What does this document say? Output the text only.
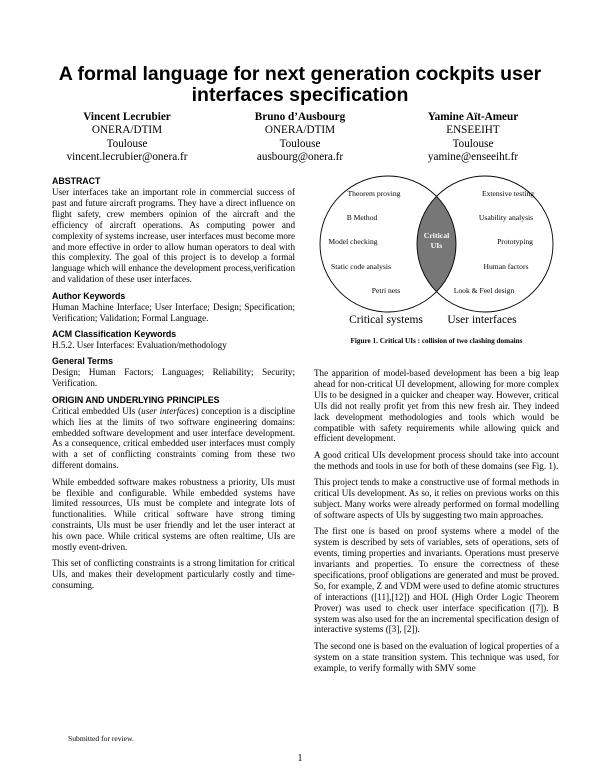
A formal language for next generation cockpits user interfaces specification
Vincent Lecrubier
ONERA/DTIM
Toulouse
vincent.lecrubier@onera.fr
Bruno d’Ausbourg
ONERA/DTIM
Toulouse
ausbourg@onera.fr
Yamine Aït-Ameur
ENSEEIHT
Toulouse
yamine@enseeiht.fr
ABSTRACT

User interfaces take an important role in commercial success of past and future aircraft programs. They have a direct influence on flight safety, crew members opinion of the aircraft and the efficiency of aircraft operations. As computing power and complexity of systems increase, user interfaces must become more and more effective in order to allow human operators to deal with this complexity. The goal of this project is to develop a formal language which will enhance the development process,verification and validation of these user interfaces.

Author Keywords

Human Machine Interface; User Interface; Design; Specification; Verification; Validation; Formal Language.

ACM Classification Keywords

H.5.2. User Interfaces: Evaluation/methodology

General Terms

Design; Human Factors; Languages; Reliability; Security; Verification.

ORIGIN AND UNDERLYING PRINCIPLES

Critical embedded UIs (user interfaces) conception is a discipline which lies at the limits of two software engineering domains: embedded software development and user interface development. As a consequence, critical embedded user interfaces must comply with a set of conflicting constraints coming from these two different domains.

While embedded software makes robustness a priority, UIs must be flexible and configurable. While embedded systems have limited ressources, UIs must be complete and integrate lots of functionalities. While critical software have strong timing constraints, UIs must be user friendly and let the user interact at his own pace. While critical systems are often realtime, UIs are mostly event-driven.

This set of conflicting constraints is a strong limitation for critical UIs, and makes their development particularly costly and time-consuming.

Theorem proving
B Method
Model checking
Static code analysis
Petri nets
Extensive testing
Usability analysis
Prototyping
Human factors
Look & Feel design
Critical
UIs
Critical systems User interfaces
Figure 1. Critical UIs : collision of two clashing domains

The apparition of model-based development has been a big leap ahead for non-critical UI development, allowing for more complex UIs to be designed in a quicker and cheaper way. However, critical UIs did not really profit yet from this new fresh air. They indeed lack development methodologies and tools which would be compatible with safety requirements while allowing quick and efficient development.

A good critical UIs development process should take into account the methods and tools in use for both of these domains (see Fig. 1).

This project tends to make a constructive use of formal methods in critical UIs development. As so, it relies on previous works on this subject. Many works were already performed on formal modelling of software aspects of UIs by suggesting two main approaches.

The first one is based on proof systems where a model of the system is described by sets of variables, sets of operations, sets of events, timing properties and invariants. Operations must preserve invariants and properties. To ensure the correctness of these specifications, proof obligations are generated and must be proved. So, for example, Z and VDM were used to define atomic structures of interactions ([11],[12]) and HOL (High Order Logic Theorem Prover) was used to check user interface specification ([7]). B system was also used for the an incremental specification design of interactive systems ([3], [2]).

The second one is based on the evaluation of logical properties of a system on a state transition system. This technique was used, for example, to verify formally with SMV some

Submitted for review.
1
